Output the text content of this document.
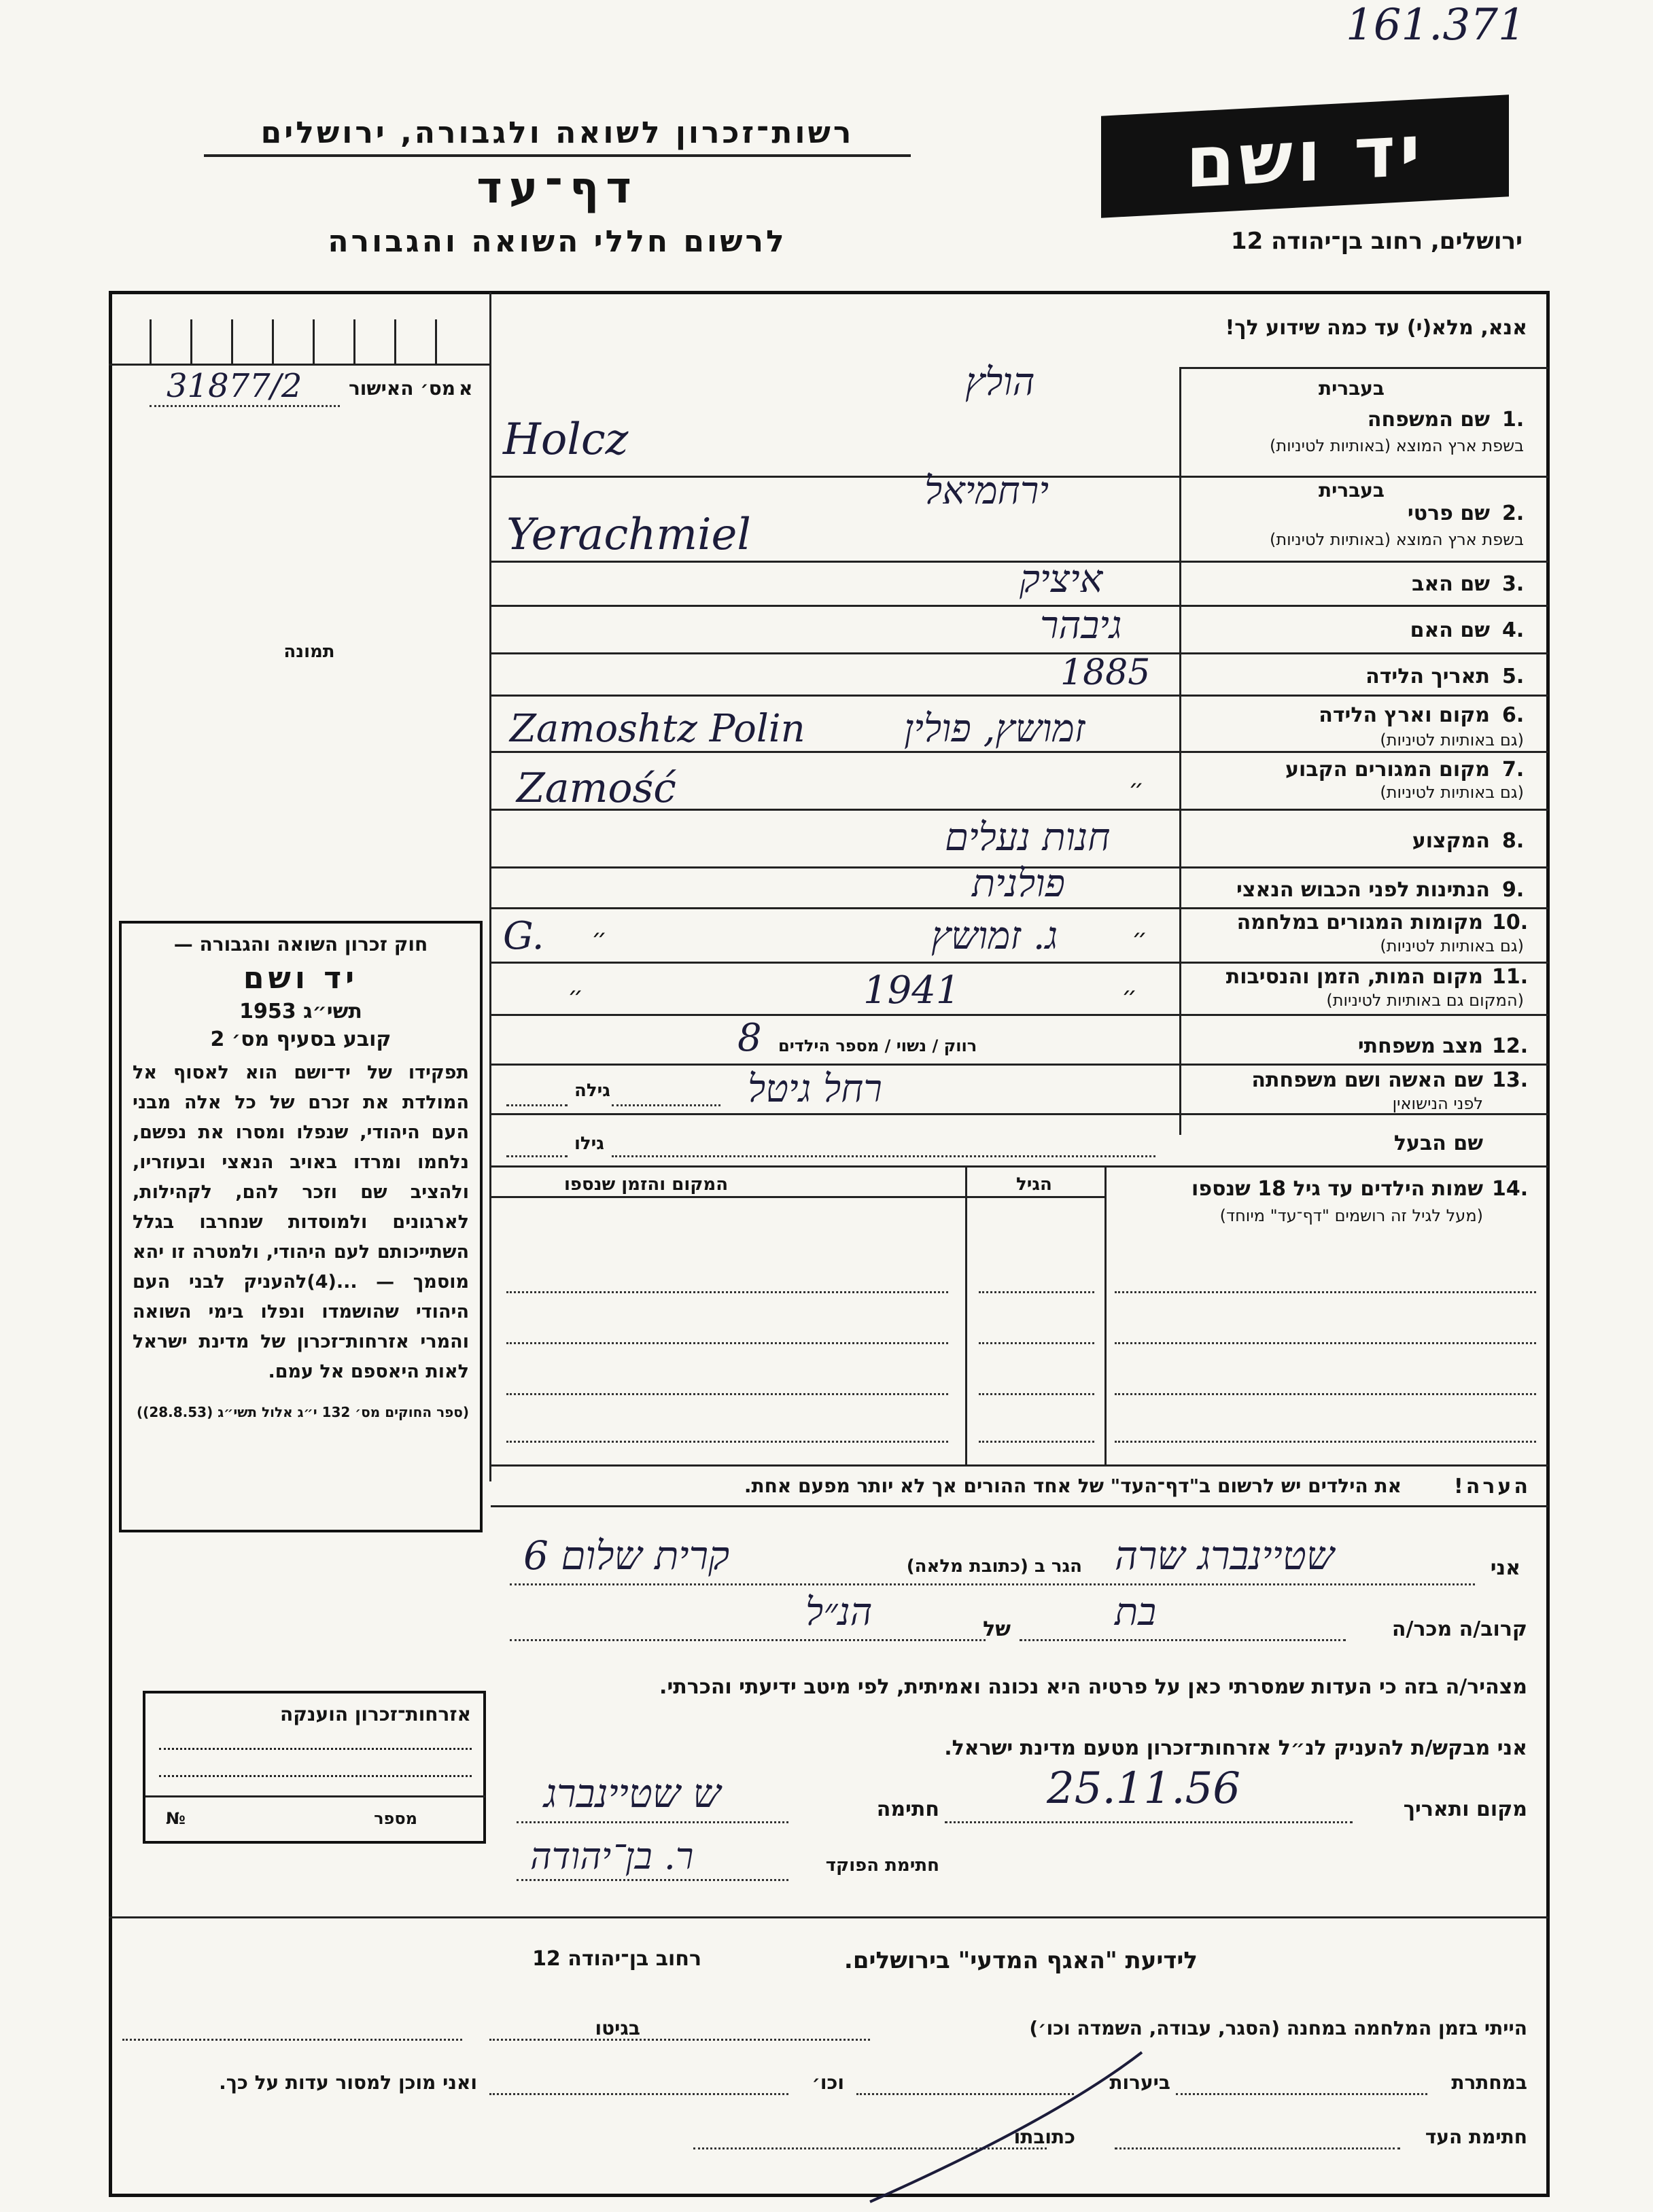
161.371
רשות־זכרון לשואה ולגבורה, ירושלים
דף־עד
לרשום חללי השואה והגבורה
יד ושם
ירושלים, רחוב בן־יהודה 12
מס׳ האישור א
31877/2
תמונה
חוק זכרון השואה והגבורה —
יד ושם
תשי״ג 1953
קובע בסעיף מס׳ 2
תפקידו של יד־ושם הוא לאסוף אל המולדת את זכרם של כל אלה מבני העם היהודי, שנפלו ומסרו את נפשם, נלחמו ומרדו באויב הנאצי ובעוזריו, ולהציב שם וזכר להם, לקהילות, לארגונים ולמוסדות שנחרבו בגלל השתייכותם לעם היהודי, ולמטרה זו יהא מוסמך — ...(4)להעניק לבני העם היהודי שהושמדו ונפלו בימי השואה והמרי אזרחות־זכרון של מדינת ישראל לאות היאספם אל עמם.
(ספר החוקים מס׳ 132 י״ג אלול תשי״ג (28.8.53))
אזרחות־זכרון הוענקה
מספר
№
אנא, מלא(י) עד כמה שידוע לך!
בעברית
1.
שם המשפחה
בשפת ארץ המוצא (באותיות לטיניות)
הולץ
Holcz
בעברית
2.
שם פרטי
בשפת ארץ המוצא (באותיות לטיניות)
ירחמיאל
Yerachmiel
3.
שם האב
איציק
4.
שם האם
גיבהר
5.
תאריך הלידה
1885
6.
מקום וארץ הלידה
(גם באותיות לטיניות)
זמושץ, פולין
Zamoshtz Polin
7.
מקום המגורים הקבוע
(גם באותיות לטיניות)
Zamość	״
8.
המקצוע
חנות נעלים
9.
הנתינות לפני הכבוש הנאצי
פולנית
10.
מקומות המגורים במלחמה
(גם באותיות לטיניות)
ג. זמושץ
G. ״	״
11.
מקום המות, הזמן והנסיבות
(המקום גם באותיות לטיניות)
1941
״	״
12.
מצב משפחתי
רווק / נשוי / מספר הילדים
8
13.
שם האשה ושם משפחתה
לפני הנישואין
רחל גיטל
גילה
שם הבעל
גילו
14.
שמות הילדים עד גיל 18 שנספו
(מעל לגיל זה רושמים "דף־עד" מיוחד)
הגיל
המקום והזמן שנספו
הערה!
את הילדים יש לרשום ב"דף־העד" של אחד ההורים אך לא יותר מפעם אחת.
אני
שטיינברג שרה
הגר ב (כתובת מלאה)
קרית שלום 6
קרוב/ה מכר/ה
בת
של
הנ״ל
מצהיר/ה בזה כי העדות שמסרתי כאן על פרטיה היא נכונה ואמיתית, לפי מיטב ידיעתי והכרתי.
אני מבקש/ת להעניק לנ״ל אזרחות־זכרון מטעם מדינת ישראל.
מקום ותאריך
25.11.56
חתימה
ש שטיינברג
חתימת הפוקד
ר. בן־יהודה
לידיעת "האגף המדעי" בירושלים.
רחוב בן־יהודה 12
הייתי בזמן המלחמה במחנה (הסגר, עבודה, השמדה וכו׳)
בגיטו
במחתרת
ביערות
וכו׳
ואני מוכן למסור עדות על כך.
חתימת העד
כתובתו
